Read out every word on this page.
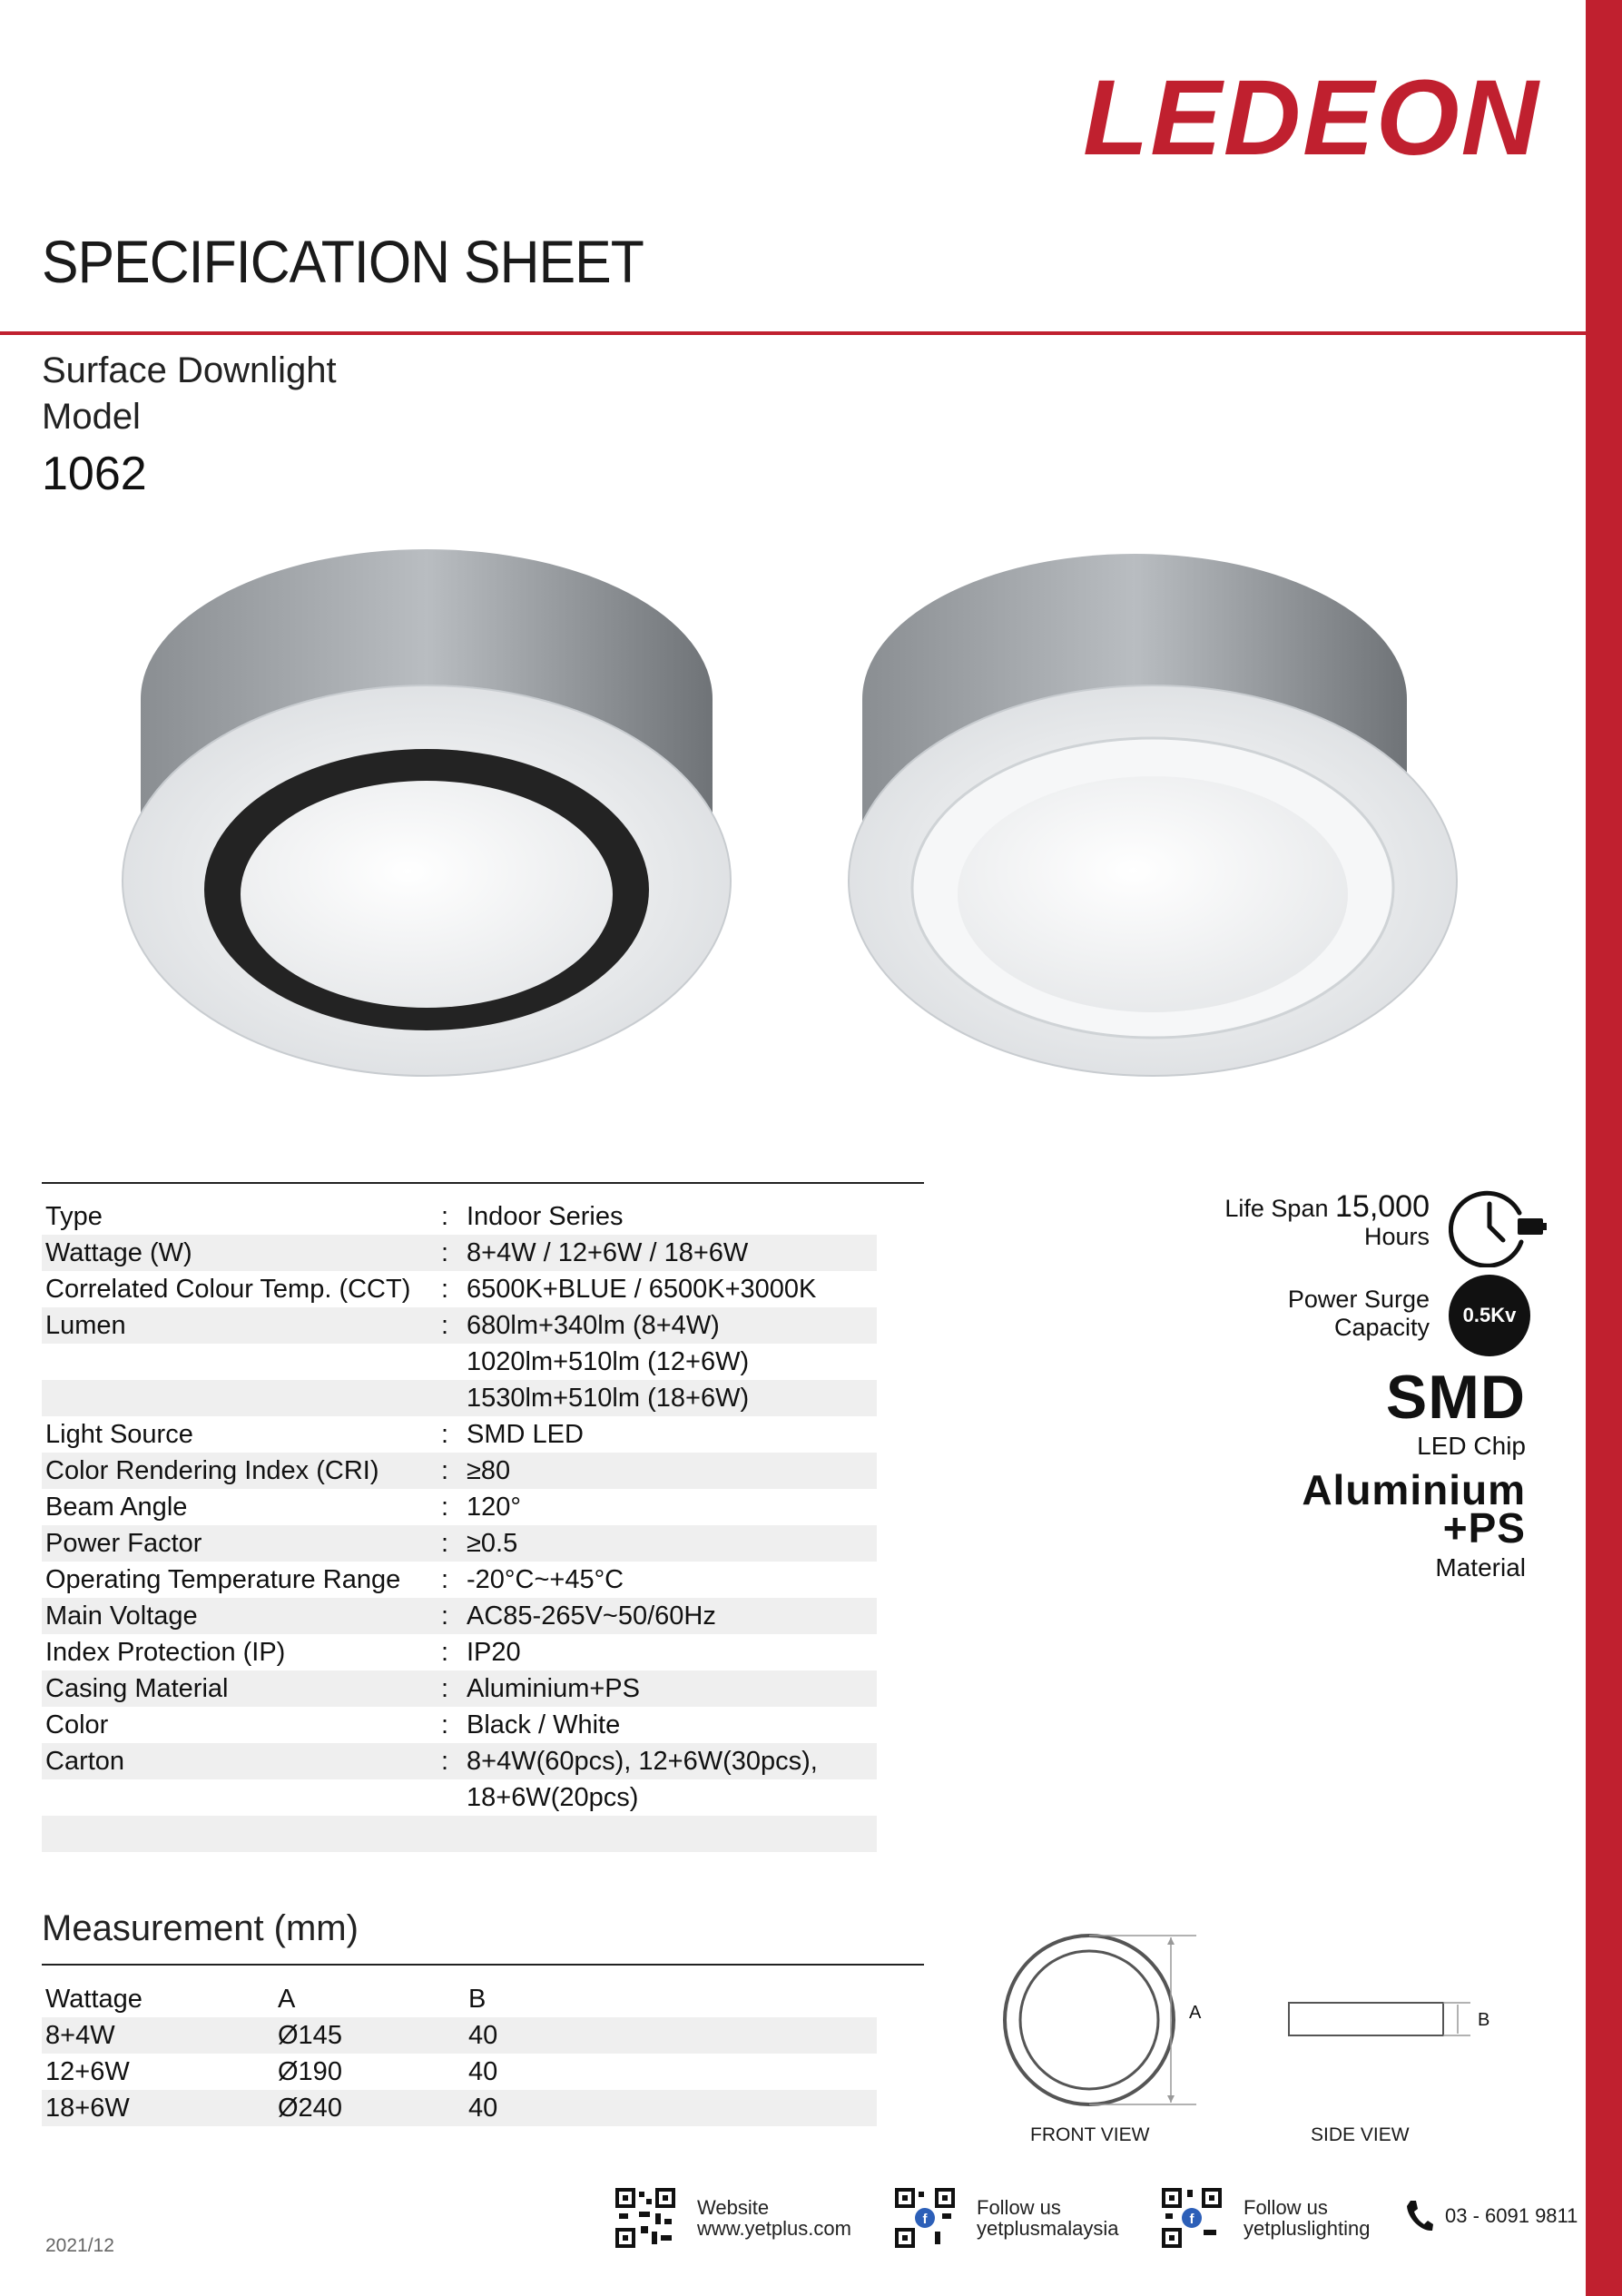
LEDEON
SPECIFICATION SHEET
Surface Downlight
Model
1062
Type	: Indoor Series
Wattage (W)	: 8+4W / 12+6W / 18+6W
Correlated Colour Temp. (CCT)	: 6500K+BLUE / 6500K+3000K
Lumen	: 680lm+340lm (8+4W)
1020lm+510lm (12+6W)
1530lm+510lm (18+6W)
Light Source	: SMD LED
Color Rendering Index (CRI)	: ≥80
Beam Angle	: 120°
Power Factor	: ≥0.5
Operating Temperature Range	: -20°C~+45°C
Main Voltage	: AC85-265V~50/60Hz
Index Protection (IP)	: IP20
Casing Material	: Aluminium+PS
Color	: Black / White
Carton	: 8+4W(60pcs), 12+6W(30pcs),
18+6W(20pcs)
Life Span 15,000
Hours
Power Surge
Capacity	0.5Kv
SMD
LED Chip
Aluminium
+PS
Material
Measurement (mm)
Wattage	A	B
8+4W	Ø145	40
12+6W	Ø190	40
18+6W	Ø240	40
A	B
FRONT VIEW	SIDE VIEW
2021/12
Website
www.yetplus.com	f
Follow us
yetplusmalaysia	f
Follow us
yetpluslighting
03 - 6091 9811
